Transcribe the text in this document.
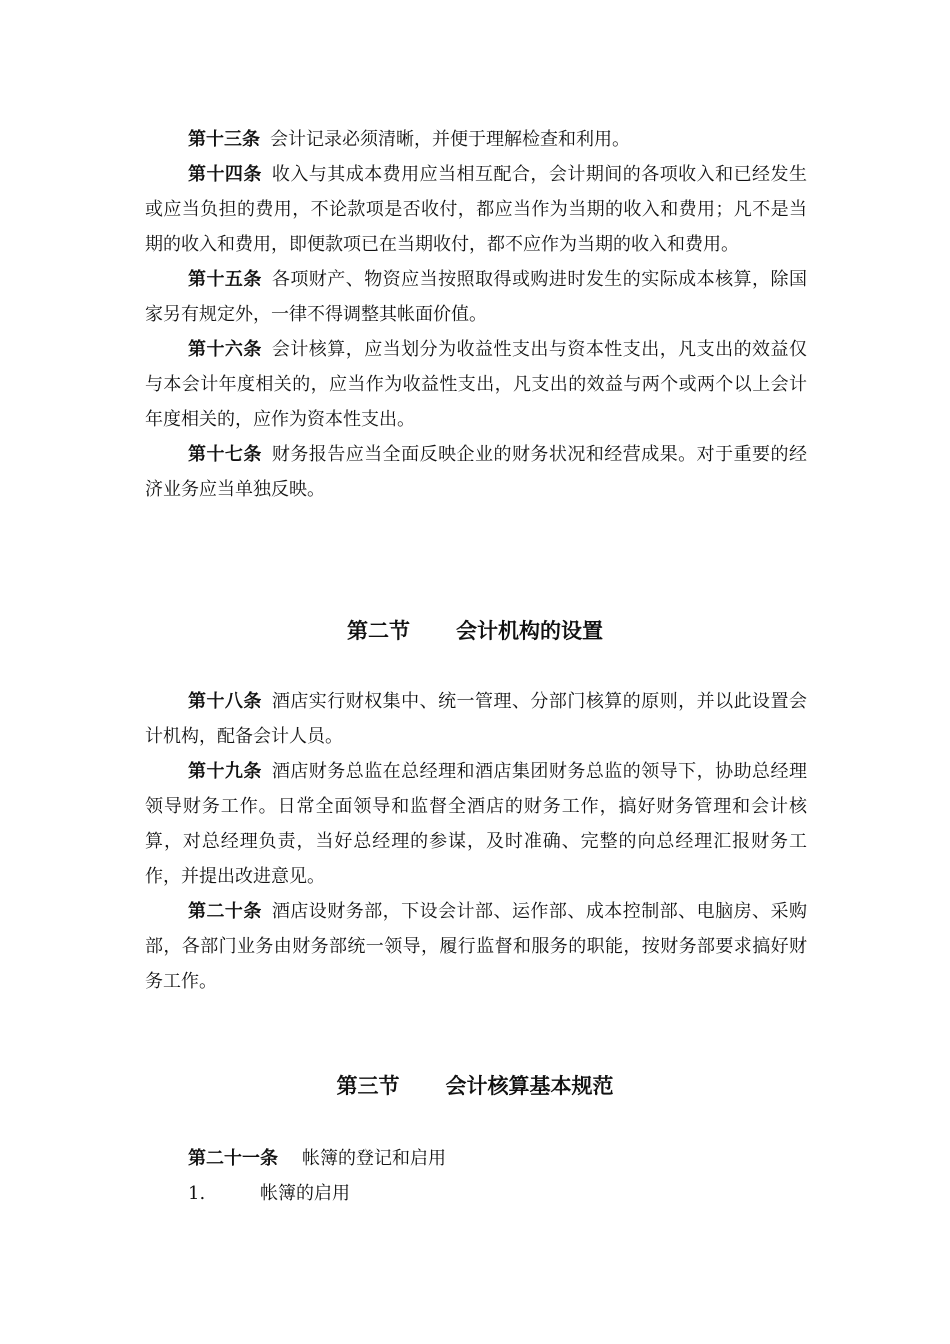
第十三条 会计记录必须清晰，并便于理解检查和利用。

第十四条 收入与其成本费用应当相互配合，会计期间的各项收入和已经发生或应当负担的费用，不论款项是否收付，都应当作为当期的收入和费用；凡不是当期的收入和费用，即便款项已在当期收付，都不应作为当期的收入和费用。

第十五条 各项财产、物资应当按照取得或购进时发生的实际成本核算，除国家另有规定外，一律不得调整其帐面价值。

第十六条 会计核算，应当划分为收益性支出与资本性支出，凡支出的效益仅与本会计年度相关的，应当作为收益性支出，凡支出的效益与两个或两个以上会计年度相关的，应作为资本性支出。

第十七条 财务报告应当全面反映企业的财务状况和经营成果。对于重要的经济业务应当单独反映。

第二节 会计机构的设置

第十八条 酒店实行财权集中、统一管理、分部门核算的原则，并以此设置会计机构，配备会计人员。

第十九条 酒店财务总监在总经理和酒店集团财务总监的领导下，协助总经理领导财务工作。日常全面领导和监督全酒店的财务工作，搞好财务管理和会计核算，对总经理负责，当好总经理的参谋，及时准确、完整的向总经理汇报财务工作，并提出改进意见。

第二十条 酒店设财务部，下设会计部、运作部、成本控制部、电脑房、采购部，各部门业务由财务部统一领导，履行监督和服务的职能，按财务部要求搞好财务工作。

第三节 会计核算基本规范

第二十一条 帐簿的登记和启用

1.	帐簿的启用
